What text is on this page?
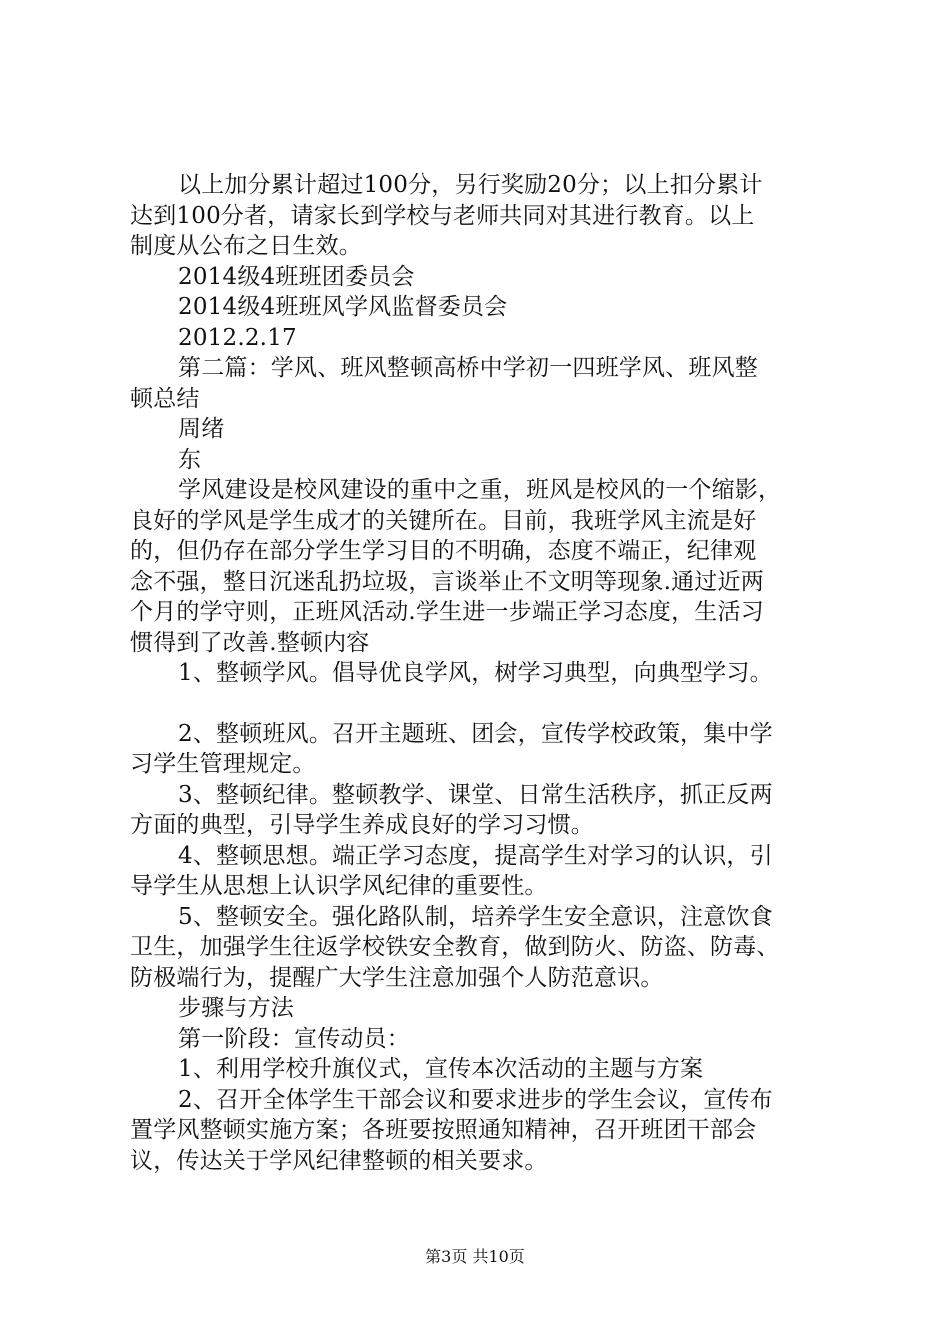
以上加分累计超过100分，另行奖励20分；以上扣分累计
达到100分者，请家长到学校与老师共同对其进行教育。以上
制度从公布之日生效。
2014级4班班团委员会
2014级4班班风学风监督委员会
2012.2.17
第二篇：学风、班风整顿高桥中学初一四班学风、班风整
顿总结
周绪
东
学风建设是校风建设的重中之重，班风是校风的一个缩影，
良好的学风是学生成才的关键所在。目前，我班学风主流是好
的，但仍存在部分学生学习目的不明确，态度不端正，纪律观
念不强，整日沉迷乱扔垃圾，言谈举止不文明等现象.通过近两
个月的学守则，正班风活动.学生进一步端正学习态度，生活习
惯得到了改善.整顿内容
1、整顿学风。倡导优良学风，树学习典型，向典型学习。
2、整顿班风。召开主题班、团会，宣传学校政策，集中学
习学生管理规定。
3、整顿纪律。整顿教学、课堂、日常生活秩序，抓正反两
方面的典型，引导学生养成良好的学习习惯。
4、整顿思想。端正学习态度，提高学生对学习的认识，引
导学生从思想上认识学风纪律的重要性。
5、整顿安全。强化路队制，培养学生安全意识，注意饮食
卫生，加强学生往返学校铁安全教育，做到防火、防盗、防毒、
防极端行为，提醒广大学生注意加强个人防范意识。
步骤与方法
第一阶段：宣传动员：
1、利用学校升旗仪式，宣传本次活动的主题与方案
2、召开全体学生干部会议和要求进步的学生会议，宣传布
置学风整顿实施方案；各班要按照通知精神，召开班团干部会
议，传达关于学风纪律整顿的相关要求。
第3页 共10页
